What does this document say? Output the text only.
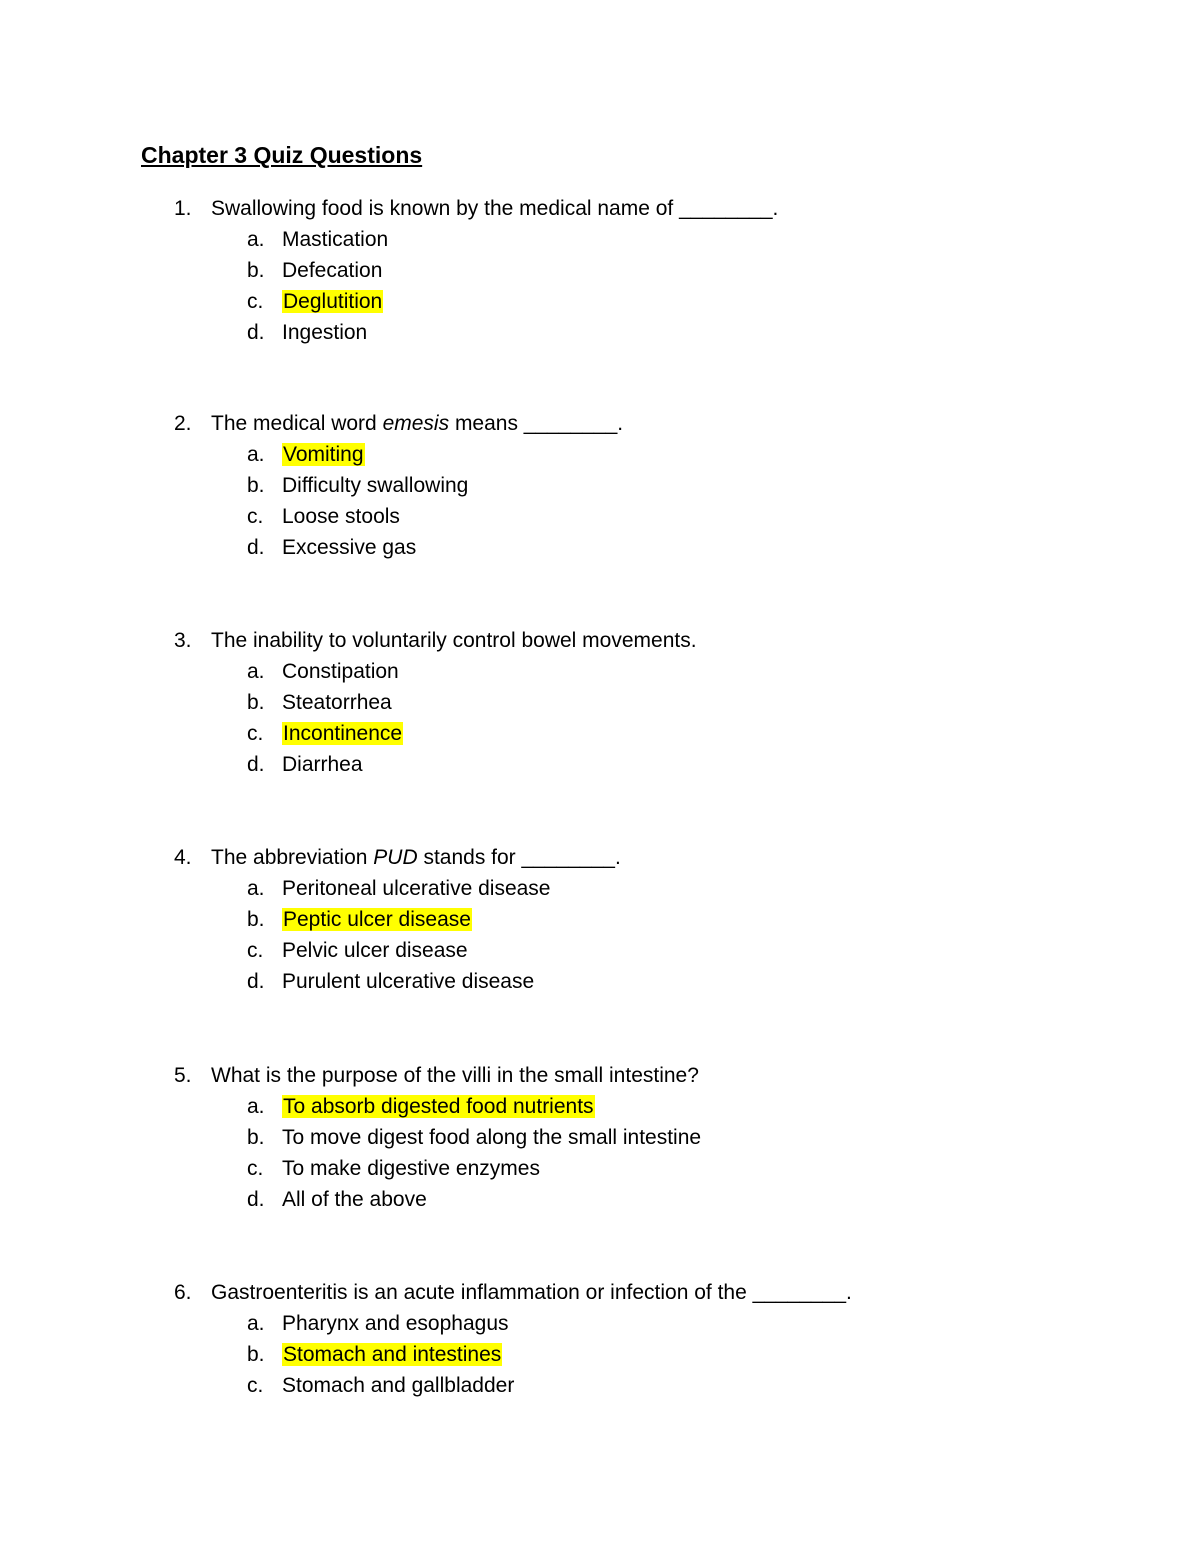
Chapter 3 Quiz Questions
1. Swallowing food is known by the medical name of ________.
a. Mastication
b. Defecation
c. Deglutition
d. Ingestion
2. The medical word emesis means ________.
a. Vomiting
b. Difficulty swallowing
c. Loose stools
d. Excessive gas
3. The inability to voluntarily control bowel movements.
a. Constipation
b. Steatorrhea
c. Incontinence
d. Diarrhea
4. The abbreviation PUD stands for ________.
a. Peritoneal ulcerative disease
b. Peptic ulcer disease
c. Pelvic ulcer disease
d. Purulent ulcerative disease
5. What is the purpose of the villi in the small intestine?
a. To absorb digested food nutrients
b. To move digest food along the small intestine
c. To make digestive enzymes
d. All of the above
6. Gastroenteritis is an acute inflammation or infection of the ________.
a. Pharynx and esophagus
b. Stomach and intestines
c. Stomach and gallbladder
